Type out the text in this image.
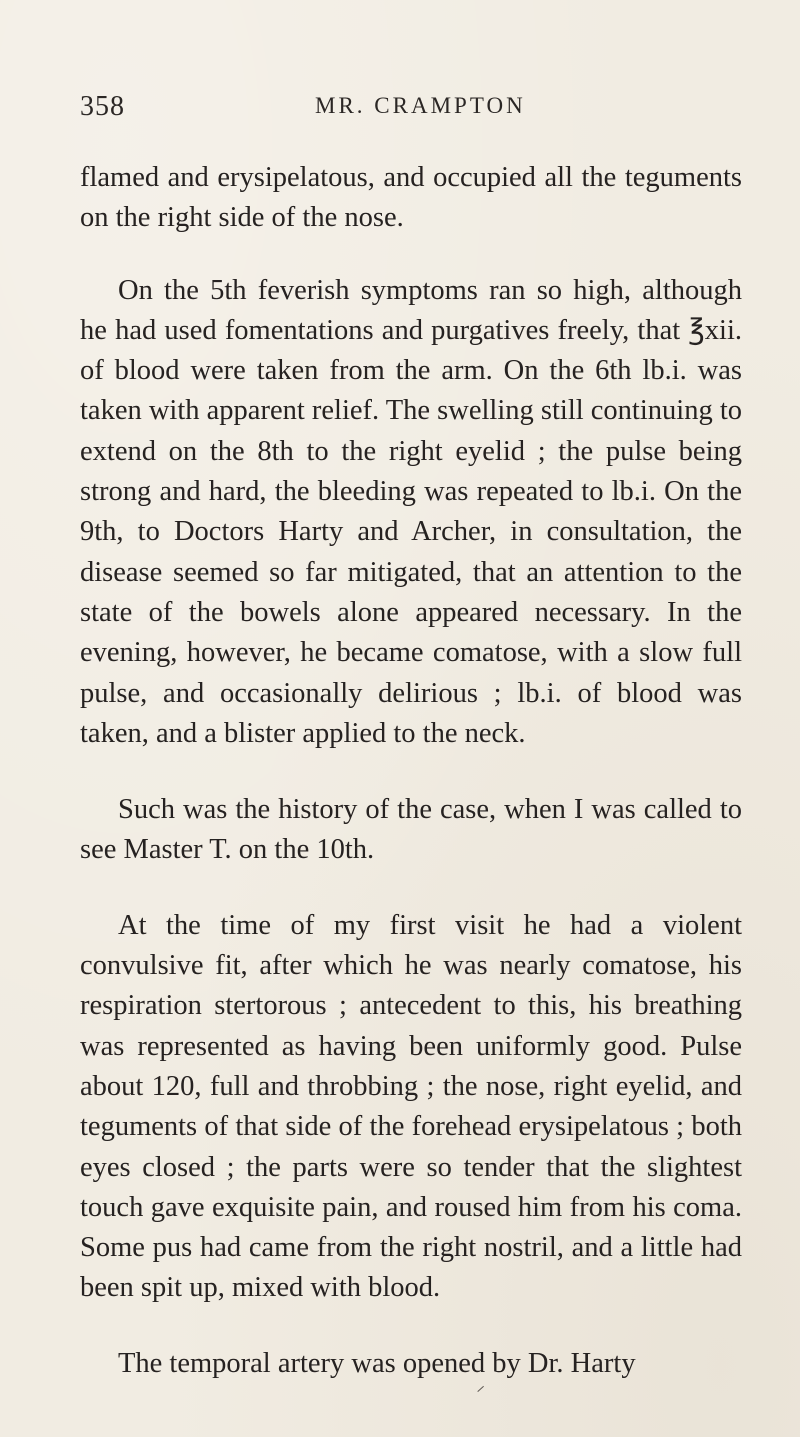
358	MR. CRAMPTON

flamed and erysipelatous, and occupied all the teguments on the right side of the nose.

On the 5th feverish symptoms ran so high, although he had used fomentations and purgatives freely, that ℥xii. of blood were taken from the arm. On the 6th lb.i. was taken with apparent relief. The swelling still continuing to extend on the 8th to the right eyelid ; the pulse being strong and hard, the bleeding was repeated to lb.i. On the 9th, to Doctors Harty and Archer, in consultation, the disease seemed so far mitigated, that an attention to the state of the bowels alone appeared necessary. In the evening, however, he became comatose, with a slow full pulse, and occasionally delirious ; lb.i. of blood was taken, and a blister applied to the neck.

Such was the history of the case, when I was called to see Master T. on the 10th.

At the time of my first visit he had a violent convulsive fit, after which he was nearly comatose, his respiration stertorous ; antecedent to this, his breathing was represented as having been uniformly good. Pulse about 120, full and throbbing ; the nose, right eyelid, and teguments of that side of the forehead erysipelatous ; both eyes closed ; the parts were so tender that the slightest touch gave exquisite pain, and roused him from his coma. Some pus had came from the right nostril, and a little had been spit up, mixed with blood.

The temporal artery was opened by Dr. Harty
